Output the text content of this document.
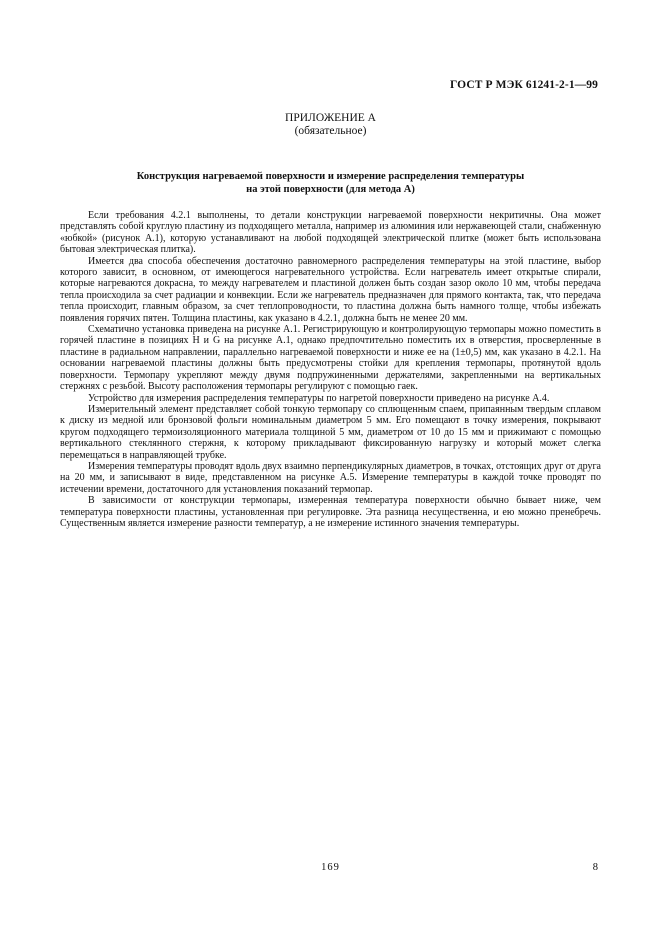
ГОСТ Р МЭК 61241-2-1—99
ПРИЛОЖЕНИЕ А
(обязательное)
Конструкция нагреваемой поверхности и измерение распределения температуры
на этой поверхности (для метода А)

Если требования 4.2.1 выполнены, то детали конструкции нагреваемой поверхности некритичны. Она может представлять собой круглую пластину из подходящего металла, например из алюминия или нержавеющей стали, снабженную «юбкой» (рисунок А.1), которую устанавливают на любой подходящей электрической плитке (может быть использована бытовая электрическая плитка).

Имеется два способа обеспечения достаточно равномерного распределения температуры на этой пластине, выбор которого зависит, в основном, от имеющегося нагревательного устройства. Если нагреватель имеет открытые спирали, которые нагреваются докрасна, то между нагревателем и пластиной должен быть создан зазор около 10 мм, чтобы передача тепла происходила за счет радиации и конвекции. Если же нагреватель предназначен для прямого контакта, так, что передача тепла происходит, главным образом, за счет теплопроводности, то пластина должна быть намного толще, чтобы избежать появления горячих пятен. Толщина пластины, как указано в 4.2.1, должна быть не менее 20 мм.

Схематично установка приведена на рисунке А.1. Регистрирующую и контролирующую термопары можно поместить в горячей пластине в позициях H и G на рисунке А.1, однако предпочтительно поместить их в отверстия, просверленные в пластине в радиальном направлении, параллельно нагреваемой поверхности и ниже ее на (1±0,5) мм, как указано в 4.2.1. На основании нагреваемой пластины должны быть предусмотрены стойки для крепления термопары, протянутой вдоль поверхности. Термопару укрепляют между двумя подпружиненными держателями, закрепленными на вертикальных стержнях с резьбой. Высоту расположения термопары регулируют с помощью гаек.

Устройство для измерения распределения температуры по нагретой поверхности приведено на рисунке А.4.

Измерительный элемент представляет собой тонкую термопару со сплющенным спаем, припаянным твердым сплавом к диску из медной или бронзовой фольги номинальным диаметром 5 мм. Его помещают в точку измерения, покрывают кругом подходящего термоизоляционного материала толщиной 5 мм, диаметром от 10 до 15 мм и прижимают с помощью вертикального стеклянного стержня, к которому прикладывают фиксированную нагрузку и который может слегка перемещаться в направляющей трубке.

Измерения температуры проводят вдоль двух взаимно перпендикулярных диаметров, в точках, отстоящих друг от друга на 20 мм, и записывают в виде, представленном на рисунке А.5. Измерение температуры в каждой точке проводят по истечении времени, достаточного для установления показаний термопар.

В зависимости от конструкции термопары, измеренная температура поверхности обычно бывает ниже, чем температура поверхности пластины, установленная при регулировке. Эта разница несущественна, и ею можно пренебречь. Существенным является измерение разности температур, а не измерение истинного значения температуры.

169	8
